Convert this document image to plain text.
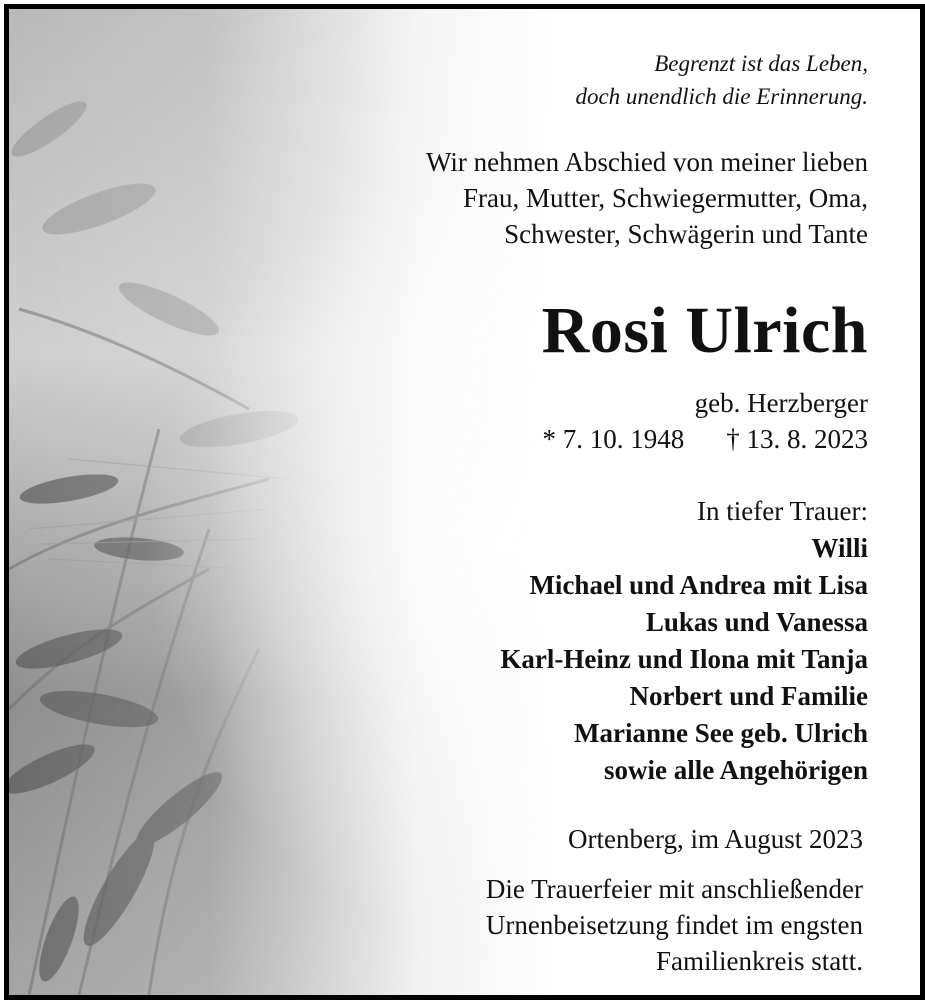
Begrenzt ist das Leben,
doch unendlich die Erinnerung.
Wir nehmen Abschied von meiner lieben
Frau, Mutter, Schwiegermutter, Oma,
Schwester, Schwägerin und Tante
Rosi Ulrich
geb. Herzberger
* 7. 10. 1948 † 13. 8. 2023
In tiefer Trauer:
Willi
Michael und Andrea mit Lisa
Lukas und Vanessa
Karl-Heinz und Ilona mit Tanja
Norbert und Familie
Marianne See geb. Ulrich
sowie alle Angehörigen
Ortenberg, im August 2023
Die Trauerfeier mit anschließender
Urnenbeisetzung findet im engsten
Familienkreis statt.
